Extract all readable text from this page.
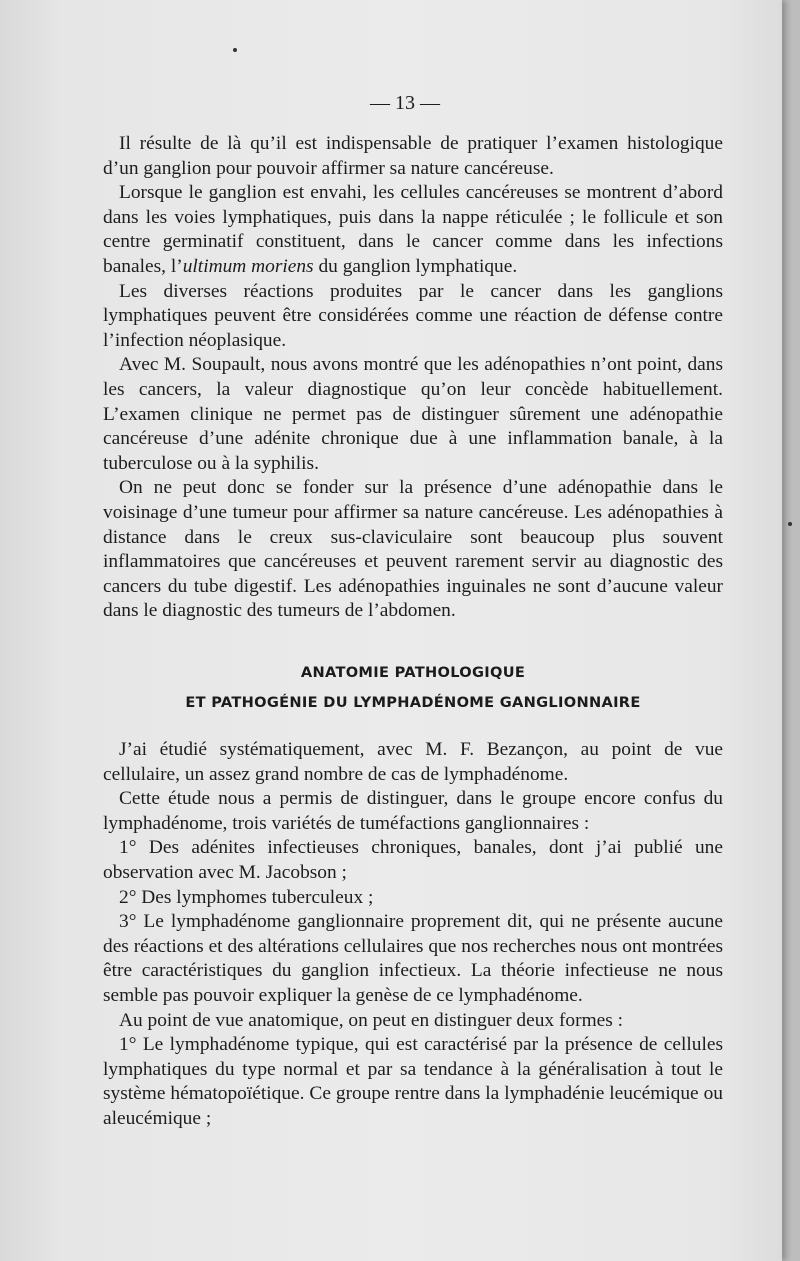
— 13 —

Il résulte de là qu’il est indispensable de pratiquer l’examen histologique d’un ganglion pour pouvoir affirmer sa nature cancéreuse.

Lorsque le ganglion est envahi, les cellules cancéreuses se montrent d’abord dans les voies lymphatiques, puis dans la nappe réticulée ; le follicule et son centre germinatif constituent, dans le cancer comme dans les infections banales, l’ultimum moriens du ganglion lymphatique.

Les diverses réactions produites par le cancer dans les ganglions lymphatiques peuvent être considérées comme une réaction de défense contre l’infection néoplasique.

Avec M. Soupault, nous avons montré que les adénopathies n’ont point, dans les cancers, la valeur diagnostique qu’on leur concède habituellement. L’examen clinique ne permet pas de distinguer sûrement une adénopathie cancéreuse d’une adénite chronique due à une inflammation banale, à la tuberculose ou à la syphilis.

On ne peut donc se fonder sur la présence d’une adénopathie dans le voisinage d’une tumeur pour affirmer sa nature cancéreuse. Les adénopathies à distance dans le creux sus-claviculaire sont beaucoup plus souvent inflammatoires que cancéreuses et peuvent rarement servir au diagnostic des cancers du tube digestif. Les adénopathies inguinales ne sont d’aucune valeur dans le diagnostic des tumeurs de l’abdomen.

ANATOMIE PATHOLOGIQUE
ET PATHOGÉNIE DU LYMPHADÉNOME GANGLIONNAIRE

J’ai étudié systématiquement, avec M. F. Bezançon, au point de vue cellulaire, un assez grand nombre de cas de lymphadénome.

Cette étude nous a permis de distinguer, dans le groupe encore confus du lymphadénome, trois variétés de tuméfactions ganglionnaires :

1° Des adénites infectieuses chroniques, banales, dont j’ai publié une observation avec M. Jacobson ;

2° Des lymphomes tuberculeux ;

3° Le lymphadénome ganglionnaire proprement dit, qui ne présente aucune des réactions et des altérations cellulaires que nos recherches nous ont montrées être caractéristiques du ganglion infectieux. La théorie infectieuse ne nous semble pas pouvoir expliquer la genèse de ce lymphadénome.

Au point de vue anatomique, on peut en distinguer deux formes :

1° Le lymphadénome typique, qui est caractérisé par la présence de cellules lymphatiques du type normal et par sa tendance à la généralisation à tout le système hématopoïétique. Ce groupe rentre dans la lymphadénie leucémique ou aleucémique ;
